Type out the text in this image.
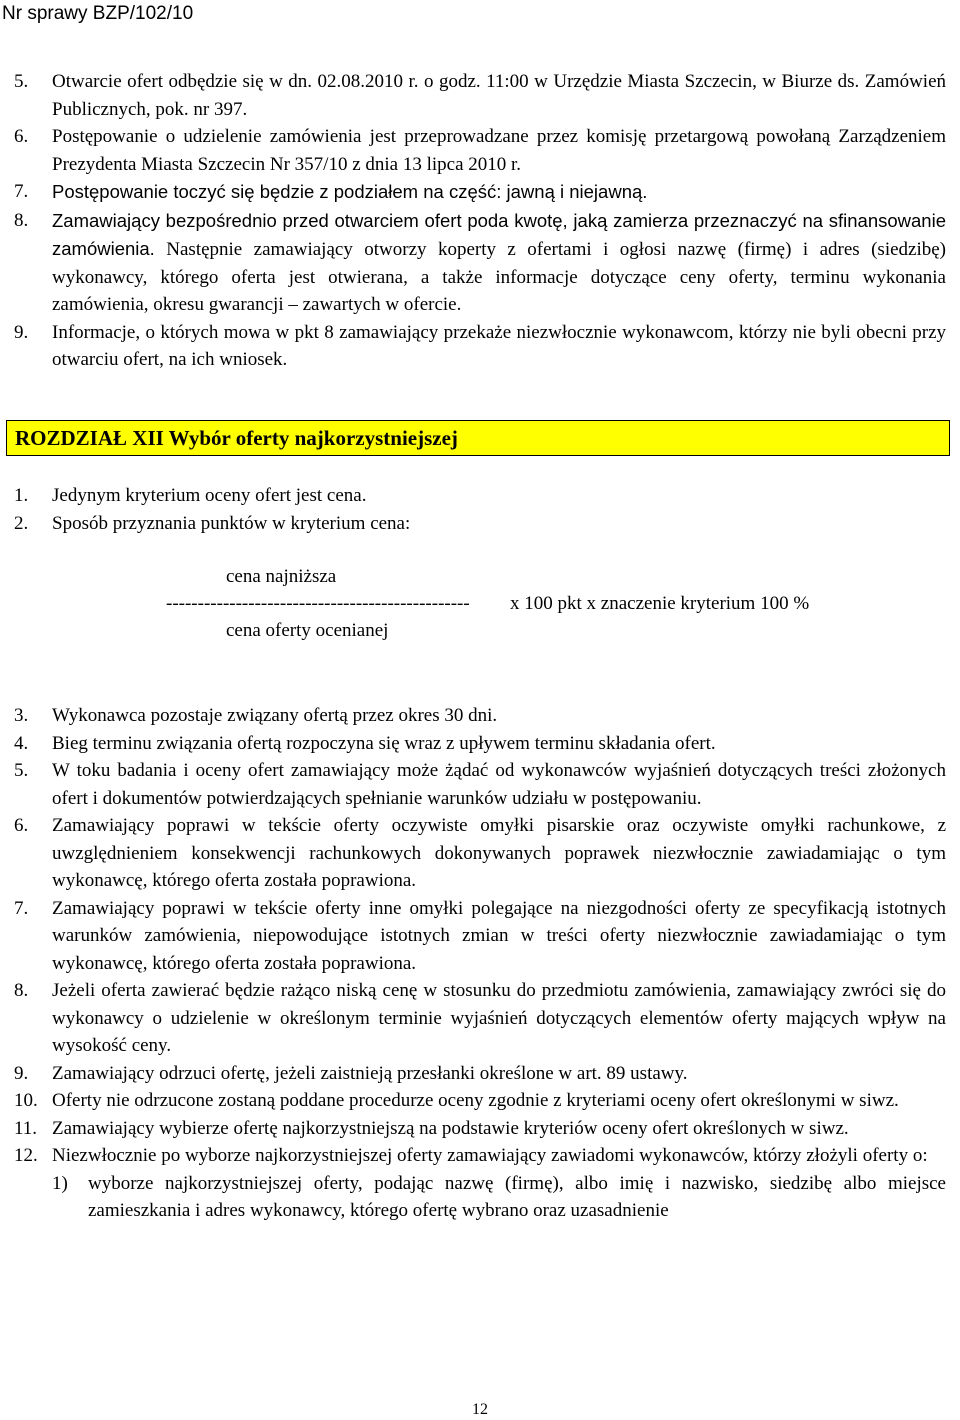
Nr sprawy BZP/102/10
5. Otwarcie ofert odbędzie się w dn. 02.08.2010 r. o godz. 11:00 w Urzędzie Miasta Szczecin, w Biurze ds. Zamówień Publicznych, pok. nr 397.
6. Postępowanie o udzielenie zamówienia jest przeprowadzane przez komisję przetargową powołaną Zarządzeniem Prezydenta Miasta Szczecin Nr 357/10 z dnia 13 lipca 2010 r.
7. Postępowanie toczyć się będzie z podziałem na część: jawną i niejawną.
8. Zamawiający bezpośrednio przed otwarciem ofert poda kwotę, jaką zamierza przeznaczyć na sfinansowanie zamówienia. Następnie zamawiający otworzy koperty z ofertami i ogłosi nazwę (firmę) i adres (siedzibę) wykonawcy, którego oferta jest otwierana, a także informacje dotyczące ceny oferty, terminu wykonania zamówienia, okresu gwarancji – zawartych w ofercie.
9. Informacje, o których mowa w pkt 8 zamawiający przekaże niezwłocznie wykonawcom, którzy nie byli obecni przy otwarciu ofert, na ich wniosek.
ROZDZIAŁ XII Wybór oferty najkorzystniejszej
1. Jedynym kryterium oceny ofert jest cena.
2. Sposób przyznania punktów w kryterium cena:
cena najniższa
------------------------------------------------ x 100 pkt x znaczenie kryterium 100 %
cena oferty ocenianej
3. Wykonawca pozostaje związany ofertą przez okres 30 dni.
4. Bieg terminu związania ofertą rozpoczyna się wraz z upływem terminu składania ofert.
5. W toku badania i oceny ofert zamawiający może żądać od wykonawców wyjaśnień dotyczących treści złożonych ofert i dokumentów potwierdzających spełnianie warunków udziału w postępowaniu.
6. Zamawiający poprawi w tekście oferty oczywiste omyłki pisarskie oraz oczywiste omyłki rachunkowe, z uwzględnieniem konsekwencji rachunkowych dokonywanych poprawek niezwłocznie zawiadamiając o tym wykonawcę, którego oferta została poprawiona.
7. Zamawiający poprawi w tekście oferty inne omyłki polegające na niezgodności oferty ze specyfikacją istotnych warunków zamówienia, niepowodujące istotnych zmian w treści oferty niezwłocznie zawiadamiając o tym wykonawcę, którego oferta została poprawiona.
8. Jeżeli oferta zawierać będzie rażąco niską cenę w stosunku do przedmiotu zamówienia, zamawiający zwróci się do wykonawcy o udzielenie w określonym terminie wyjaśnień dotyczących elementów oferty mających wpływ na wysokość ceny.
9. Zamawiający odrzuci ofertę, jeżeli zaistnieją przesłanki określone w art. 89 ustawy.
10. Oferty nie odrzucone zostaną poddane procedurze oceny zgodnie z kryteriami oceny ofert określonymi w siwz.
11. Zamawiający wybierze ofertę najkorzystniejszą na podstawie kryteriów oceny ofert określonych w siwz.
12. Niezwłocznie po wyborze najkorzystniejszej oferty zamawiający zawiadomi wykonawców, którzy złożyli oferty o:
1) wyborze najkorzystniejszej oferty, podając nazwę (firmę), albo imię i nazwisko, siedzibę albo miejsce zamieszkania i adres wykonawcy, którego ofertę wybrano oraz uzasadnienie
12
